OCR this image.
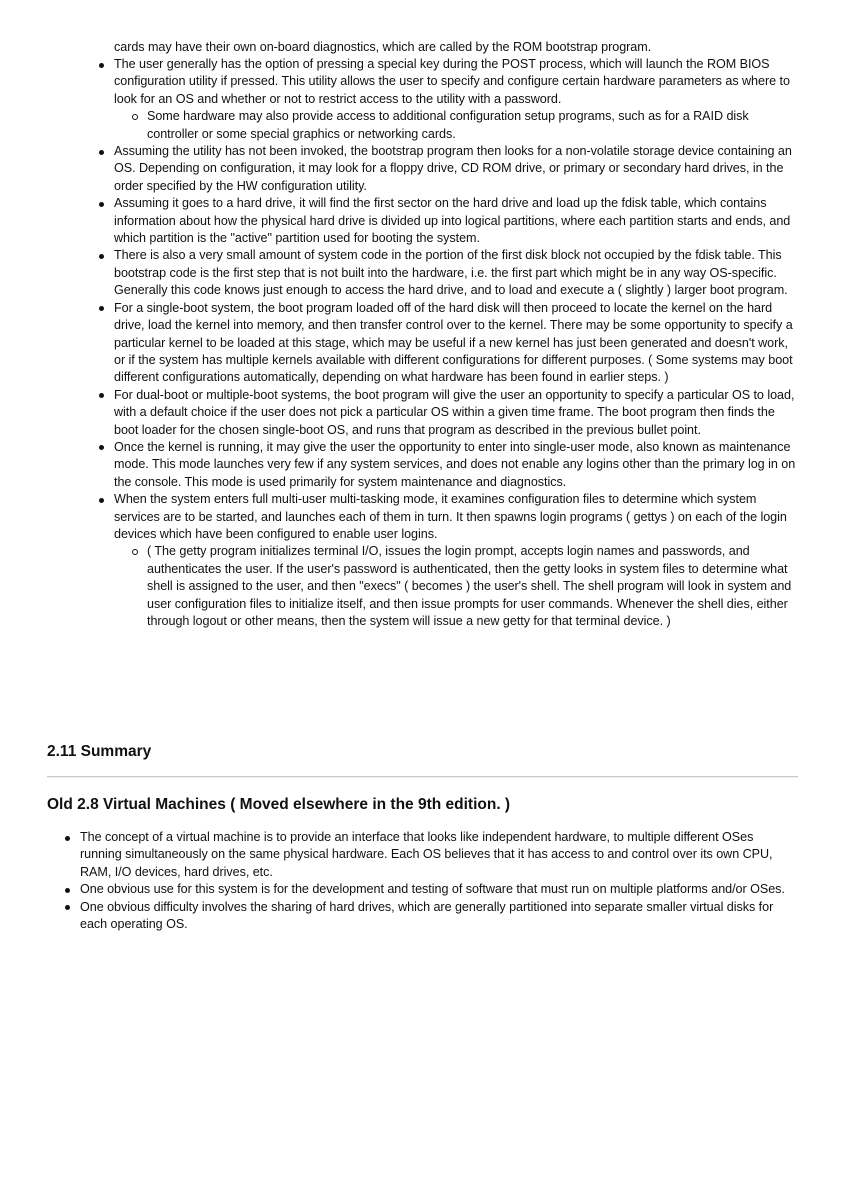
cards may have their own on-board diagnostics, which are called by the ROM bootstrap program.

The user generally has the option of pressing a special key during the POST process, which will launch the ROM BIOS configuration utility if pressed. This utility allows the user to specify and configure certain hardware parameters as where to look for an OS and whether or not to restrict access to the utility with a password.
Some hardware may also provide access to additional configuration setup programs, such as for a RAID disk controller or some special graphics or networking cards.
Assuming the utility has not been invoked, the bootstrap program then looks for a non-volatile storage device containing an OS. Depending on configuration, it may look for a floppy drive, CD ROM drive, or primary or secondary hard drives, in the order specified by the HW configuration utility.
Assuming it goes to a hard drive, it will find the first sector on the hard drive and load up the fdisk table, which contains information about how the physical hard drive is divided up into logical partitions, where each partition starts and ends, and which partition is the "active" partition used for booting the system.
There is also a very small amount of system code in the portion of the first disk block not occupied by the fdisk table. This bootstrap code is the first step that is not built into the hardware, i.e. the first part which might be in any way OS-specific. Generally this code knows just enough to access the hard drive, and to load and execute a ( slightly ) larger boot program.
For a single-boot system, the boot program loaded off of the hard disk will then proceed to locate the kernel on the hard drive, load the kernel into memory, and then transfer control over to the kernel. There may be some opportunity to specify a particular kernel to be loaded at this stage, which may be useful if a new kernel has just been generated and doesn't work, or if the system has multiple kernels available with different configurations for different purposes. ( Some systems may boot different configurations automatically, depending on what hardware has been found in earlier steps. )
For dual-boot or multiple-boot systems, the boot program will give the user an opportunity to specify a particular OS to load, with a default choice if the user does not pick a particular OS within a given time frame. The boot program then finds the boot loader for the chosen single-boot OS, and runs that program as described in the previous bullet point.
Once the kernel is running, it may give the user the opportunity to enter into single-user mode, also known as maintenance mode. This mode launches very few if any system services, and does not enable any logins other than the primary log in on the console. This mode is used primarily for system maintenance and diagnostics.
When the system enters full multi-user multi-tasking mode, it examines configuration files to determine which system services are to be started, and launches each of them in turn. It then spawns login programs ( gettys ) on each of the login devices which have been configured to enable user logins.
( The getty program initializes terminal I/O, issues the login prompt, accepts login names and passwords, and authenticates the user. If the user's password is authenticated, then the getty looks in system files to determine what shell is assigned to the user, and then "execs" ( becomes ) the user's shell. The shell program will look in system and user configuration files to initialize itself, and then issue prompts for user commands. Whenever the shell dies, either through logout or other means, then the system will issue a new getty for that terminal device. )
2.11 Summary
Old 2.8 Virtual Machines ( Moved elsewhere in the 9th edition. )
The concept of a virtual machine is to provide an interface that looks like independent hardware, to multiple different OSes running simultaneously on the same physical hardware. Each OS believes that it has access to and control over its own CPU, RAM, I/O devices, hard drives, etc.
One obvious use for this system is for the development and testing of software that must run on multiple platforms and/or OSes.
One obvious difficulty involves the sharing of hard drives, which are generally partitioned into separate smaller virtual disks for each operating OS.
